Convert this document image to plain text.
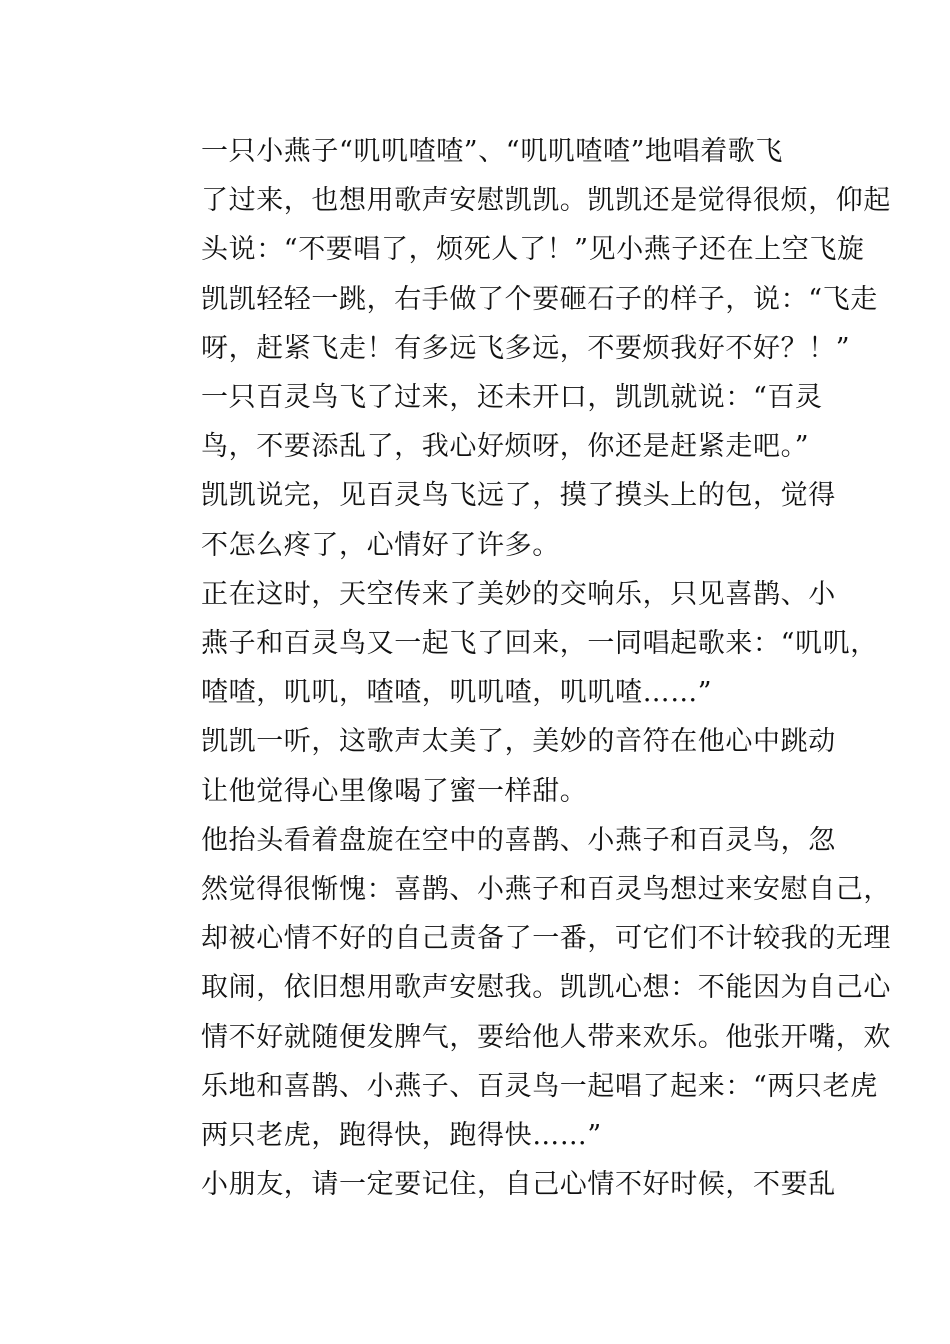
一只小燕子“叽叽喳喳”、“叽叽喳喳”地唱着歌飞
了过来，也想用歌声安慰凯凯。凯凯还是觉得很烦，仰起
头说：“不要唱了，烦死人了！”见小燕子还在上空飞旋
凯凯轻轻一跳，右手做了个要砸石子的样子，说：“飞走
呀，赶紧飞走！有多远飞多远，不要烦我好不好？！”

一只百灵鸟飞了过来，还未开口，凯凯就说：“百灵
鸟，不要添乱了，我心好烦呀，你还是赶紧走吧。”

凯凯说完，见百灵鸟飞远了，摸了摸头上的包，觉得
不怎么疼了，心情好了许多。

正在这时，天空传来了美妙的交响乐，只见喜鹊、小
燕子和百灵鸟又一起飞了回来，一同唱起歌来：“叽叽，
喳喳，叽叽，喳喳，叽叽喳，叽叽喳……”

凯凯一听，这歌声太美了，美妙的音符在他心中跳动
让他觉得心里像喝了蜜一样甜。

他抬头看着盘旋在空中的喜鹊、小燕子和百灵鸟，忽
然觉得很惭愧：喜鹊、小燕子和百灵鸟想过来安慰自己，
却被心情不好的自己责备了一番，可它们不计较我的无理
取闹，依旧想用歌声安慰我。凯凯心想：不能因为自己心
情不好就随便发脾气，要给他人带来欢乐。他张开嘴，欢
乐地和喜鹊、小燕子、百灵鸟一起唱了起来：“两只老虎
两只老虎，跑得快，跑得快……”

小朋友，请一定要记住，自己心情不好时候，不要乱
